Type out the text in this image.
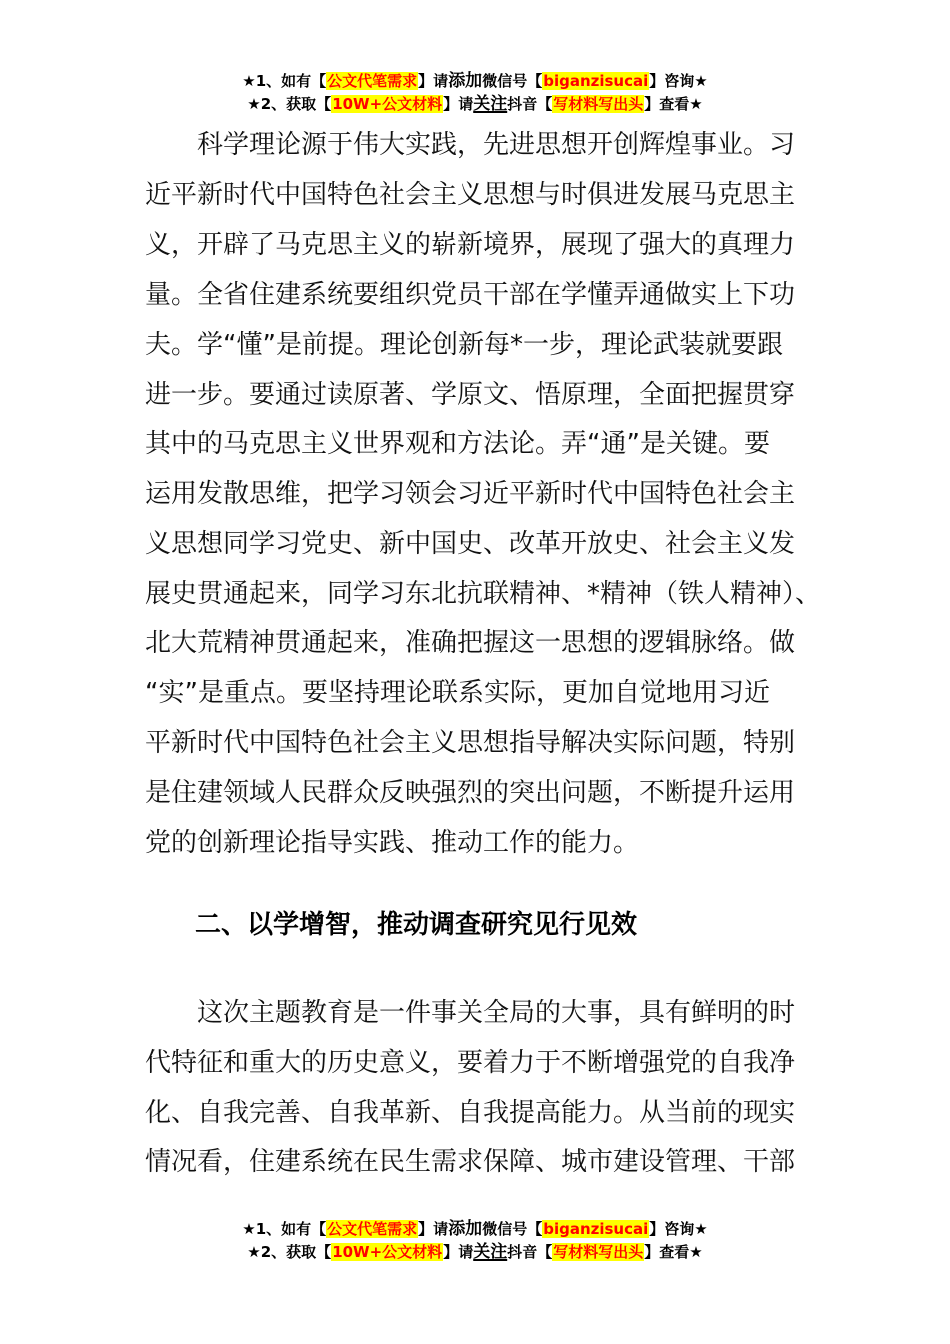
★1、如有【公文代笔需求】请添加微信号【biganzisucai】咨询★
★2、获取【10W+公文材料】请关注抖音【写材料写出头】查看★
　　科学理论源于伟大实践，先进思想开创辉煌事业。习
近平新时代中国特色社会主义思想与时俱进发展马克思主
义，开辟了马克思主义的崭新境界，展现了强大的真理力
量。全省住建系统要组织党员干部在学懂弄通做实上下功
夫。学“懂”是前提。理论创新每*一步，理论武装就要跟
进一步。要通过读原著、学原文、悟原理，全面把握贯穿
其中的马克思主义世界观和方法论。弄“通”是关键。要
运用发散思维，把学习领会习近平新时代中国特色社会主
义思想同学习党史、新中国史、改革开放史、社会主义发
展史贯通起来，同学习东北抗联精神、*精神（铁人精神）、
北大荒精神贯通起来，准确把握这一思想的逻辑脉络。做
“实”是重点。要坚持理论联系实际，更加自觉地用习近
平新时代中国特色社会主义思想指导解决实际问题，特别
是住建领域人民群众反映强烈的突出问题，不断提升运用
党的创新理论指导实践、推动工作的能力。
二、以学增智，推动调查研究见行见效
　　这次主题教育是一件事关全局的大事，具有鲜明的时
代特征和重大的历史意义，要着力于不断增强党的自我净
化、自我完善、自我革新、自我提高能力。从当前的现实
情况看，住建系统在民生需求保障、城市建设管理、干部
★1、如有【公文代笔需求】请添加微信号【biganzisucai】咨询★
★2、获取【10W+公文材料】请关注抖音【写材料写出头】查看★
